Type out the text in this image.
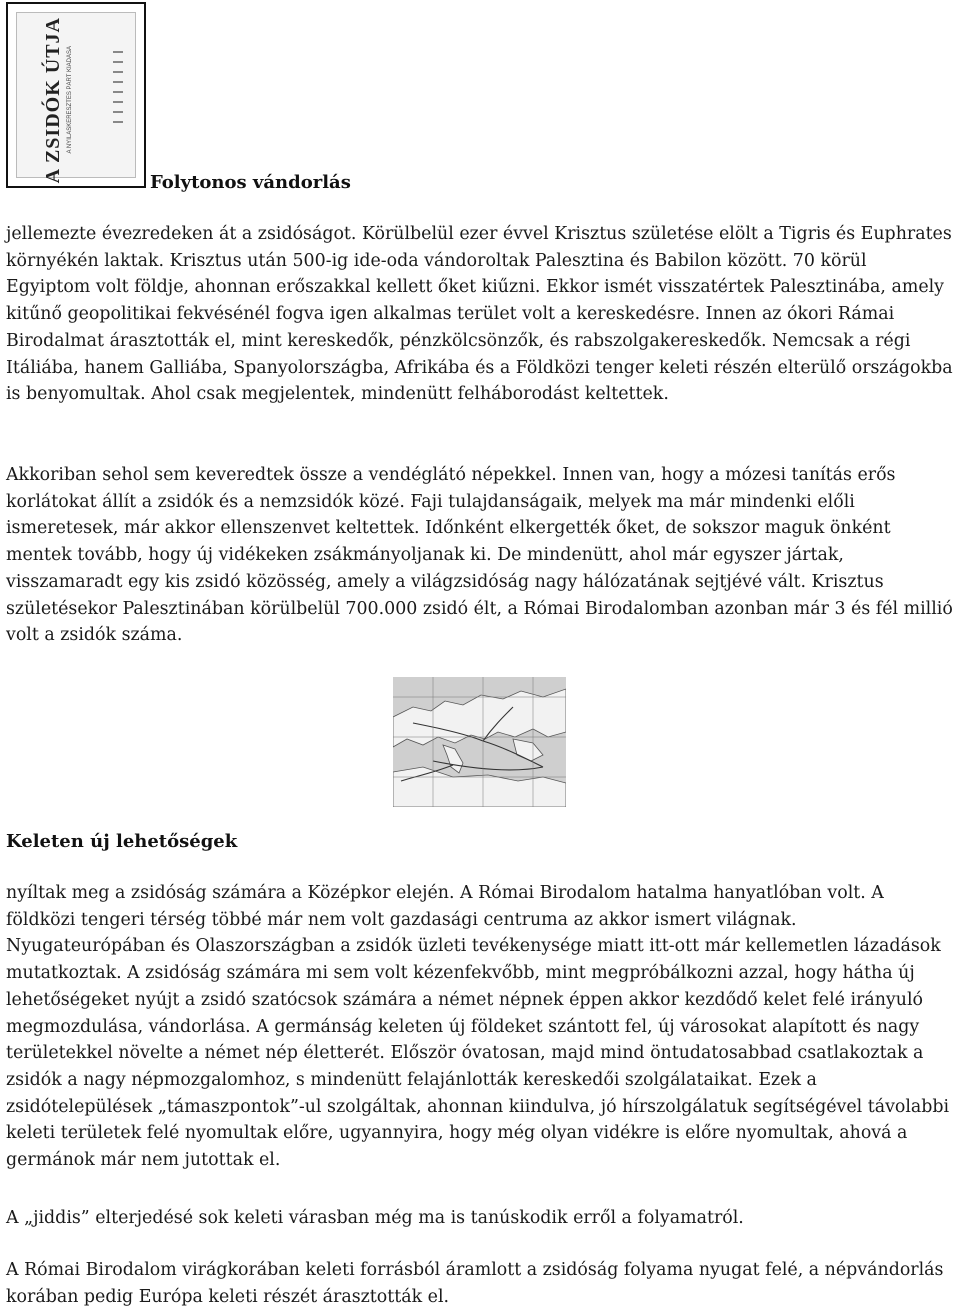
A ZSIDÓK ÚTJA A NYILASKERESZTES PÁRT KIADÁSA
Folytonos vándorlás

jellemezte évezredeken át a zsidóságot. Körülbelül ezer évvel Krisztus születése elölt a Tigris és Euphrates környékén laktak. Krisztus után 500-ig ide-oda vándoroltak Palesztina és Babilon között. 70 körül Egyiptom volt földje, ahonnan erőszakkal kellett őket kiűzni. Ekkor ismét visszatértek Palesztinába, amely kitűnő geopolitikai fekvésénél fogva igen alkalmas terület volt a kereskedésre. Innen az ókori Rámai Birodalmat árasztották el, mint kereskedők, pénzkölcsönzők, és rabszolgakereskedők. Nemcsak a régi Itáliába, hanem Galliába, Spanyolországba, Afrikába és a Földközi tenger keleti részén elterülő országokba is benyomultak. Ahol csak megjelentek, mindenütt felháborodást keltettek.

Akkoriban sehol sem keveredtek össze a vendéglátó népekkel. Innen van, hogy a mózesi tanítás erős korlátokat állít a zsidók és a nemzsidók közé. Faji tulajdanságaik, melyek ma már mindenki előli ismeretesek, már akkor ellenszenvet keltettek. Időnként elkergették őket, de sokszor maguk önként mentek tovább, hogy új vidékeken zsákmányoljanak ki. De mindenütt, ahol már egyszer jártak, visszamaradt egy kis zsidó közösség, amely a világzsidóság nagy hálózatának sejtjévé vált. Krisztus születésekor Palesztinában körülbelül 700.000 zsidó élt, a Római Birodalomban azonban már 3 és fél millió volt a zsidók száma.

Keleten új lehetőségek

nyíltak meg a zsidóság számára a Középkor elején. A Római Birodalom hatalma hanyatlóban volt. A földközi tengeri térség többé már nem volt gazdasági centruma az akkor ismert világnak. Nyugateurópában és Olaszországban a zsidók üzleti tevékenysége miatt itt-ott már kellemetlen lázadások mutatkoztak. A zsidóság számára mi sem volt kézenfekvőbb, mint megpróbálkozni azzal, hogy hátha új lehetőségeket nyújt a zsidó szatócsok számára a német népnek éppen akkor kezdődő kelet felé irányuló megmozdulása, vándorlása. A germánság keleten új földeket szántott fel, új városokat alapított és nagy területekkel növelte a német nép életterét. Először óvatosan, majd mind öntudatosabbad csatlakoztak a zsidók a nagy népmozgalomhoz, s mindenütt felajánlották kereskedői szolgálataikat. Ezek a zsidótelepülések „támaszpontok”-ul szolgáltak, ahonnan kiindulva, jó hírszolgálatuk segítségével távolabbi keleti területek felé nyomultak előre, ugyannyira, hogy még olyan vidékre is előre nyomultak, ahová a germánok már nem jutottak el.

A „jiddis” elterjedésé sok keleti várasban még ma is tanúskodik erről a folyamatról.

A Római Birodalom virágkorában keleti forrásból áramlott a zsidóság folyama nyugat felé, a népvándorlás korában pedig Európa keleti részét árasztották el.
